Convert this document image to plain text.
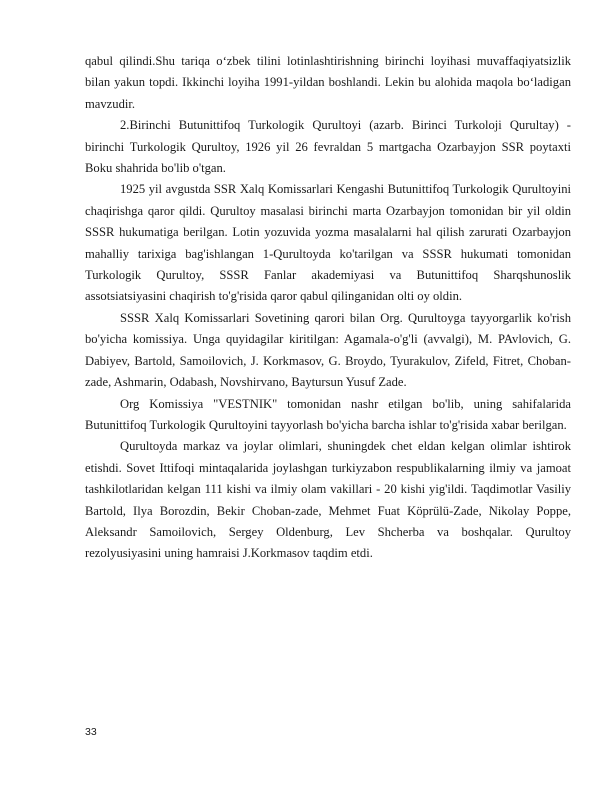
qabul qilindi.Shu tariqa oʻzbek tilini lotinlashtirishning birinchi loyihasi muvaffaqiyatsizlik bilan yakun topdi. Ikkinchi loyiha 1991-yildan boshlandi. Lekin bu alohida maqola boʻladigan mavzudir.

2.Birinchi Butunittifoq Turkologik Qurultoyi (azarb. Birinci Turkoloji Qurultay) - birinchi Turkologik Qurultoy, 1926 yil 26 fevraldan 5 martgacha Ozarbayjon SSR poytaxti Boku shahrida bo'lib o'tgan.

1925 yil avgustda SSR Xalq Komissarlari Kengashi Butunittifoq Turkologik Qurultoyini chaqirishga qaror qildi. Qurultoy masalasi birinchi marta Ozarbayjon tomonidan bir yil oldin SSSR hukumatiga berilgan. Lotin yozuvida yozma masalalarni hal qilish zarurati Ozarbayjon mahalliy tarixiga bag'ishlangan 1-Qurultoyda ko'tarilgan va SSSR hukumati tomonidan Turkologik Qurultoy, SSSR Fanlar akademiyasi va Butunittifoq Sharqshunoslik assotsiatsiyasini chaqirish to'g'risida qaror qabul qilinganidan olti oy oldin.

SSSR Xalq Komissarlari Sovetining qarori bilan Org. Qurultoyga tayyorgarlik ko'rish bo'yicha komissiya. Unga quyidagilar kiritilgan: Agamala-o'g'li (avvalgi), M. PAvlovich, G. Dabiyev, Bartold, Samoilovich, J. Korkmasov, G. Broydo, Tyurakulov, Zifeld, Fitret, Choban-zade, Ashmarin, Odabash, Novshirvano, Baytursun Yusuf Zade.

Org Komissiya "VESTNIK" tomonidan nashr etilgan bo'lib, uning sahifalarida Butunittifoq Turkologik Qurultoyini tayyorlash bo'yicha barcha ishlar to'g'risida xabar berilgan.

Qurultoyda markaz va joylar olimlari, shuningdek chet eldan kelgan olimlar ishtirok etishdi. Sovet Ittifoqi mintaqalarida joylashgan turkiyzabon respublikalarning ilmiy va jamoat tashkilotlaridan kelgan 111 kishi va ilmiy olam vakillari - 20 kishi yig'ildi. Taqdimotlar Vasiliy Bartold, Ilya Borozdin, Bekir Choban-zade, Mehmet Fuat Köprülü-Zade, Nikolay Poppe, Aleksandr Samoilovich, Sergey Oldenburg, Lev Shcherba va boshqalar. Qurultoy rezolyusiyasini uning hamraisi J.Korkmasov taqdim etdi.

33
